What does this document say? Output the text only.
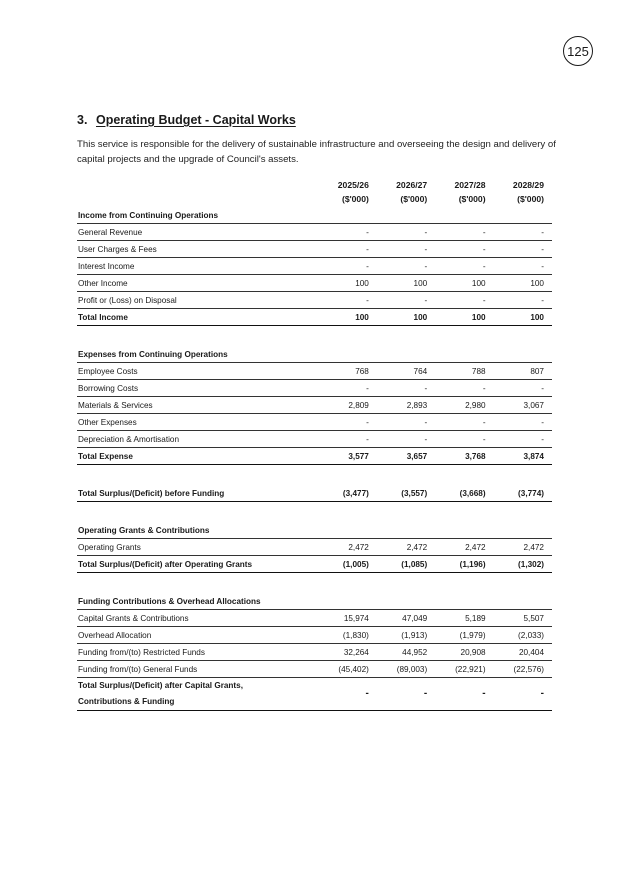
125
3. Operating Budget - Capital Works
This service is responsible for the delivery of sustainable infrastructure and overseeing the design and delivery of capital projects and the upgrade of Council's assets.
	2025/26	2026/27	2027/28	2028/29
	($'000)	($'000)	($'000)	($'000)
Income from Continuing Operations				
General Revenue	-	-	-	-
User Charges & Fees	-	-	-	-
Interest Income	-	-	-	-
Other Income	100	100	100	100
Profit or (Loss) on Disposal	-	-	-	-
Total Income	100	100	100	100

Expenses from Continuing Operations				
Employee Costs	768	764	788	807
Borrowing Costs	-	-	-	-
Materials & Services	2,809	2,893	2,980	3,067
Other Expenses	-	-	-	-
Depreciation & Amortisation	-	-	-	-
Total Expense	3,577	3,657	3,768	3,874

Total Surplus/(Deficit) before Funding	(3,477)	(3,557)	(3,668)	(3,774)

Operating Grants & Contributions				
Operating Grants	2,472	2,472	2,472	2,472
Total Surplus/(Deficit) after Operating Grants	(1,005)	(1,085)	(1,196)	(1,302)

Funding Contributions & Overhead Allocations				
Capital Grants & Contributions	15,974	47,049	5,189	5,507
Overhead Allocation	(1,830)	(1,913)	(1,979)	(2,033)
Funding from/(to) Restricted Funds	32,264	44,952	20,908	20,404
Funding from/(to) General Funds	(45,402)	(89,003)	(22,921)	(22,576)
Total Surplus/(Deficit) after Capital Grants,
Contributions & Funding	-	-	-	-
